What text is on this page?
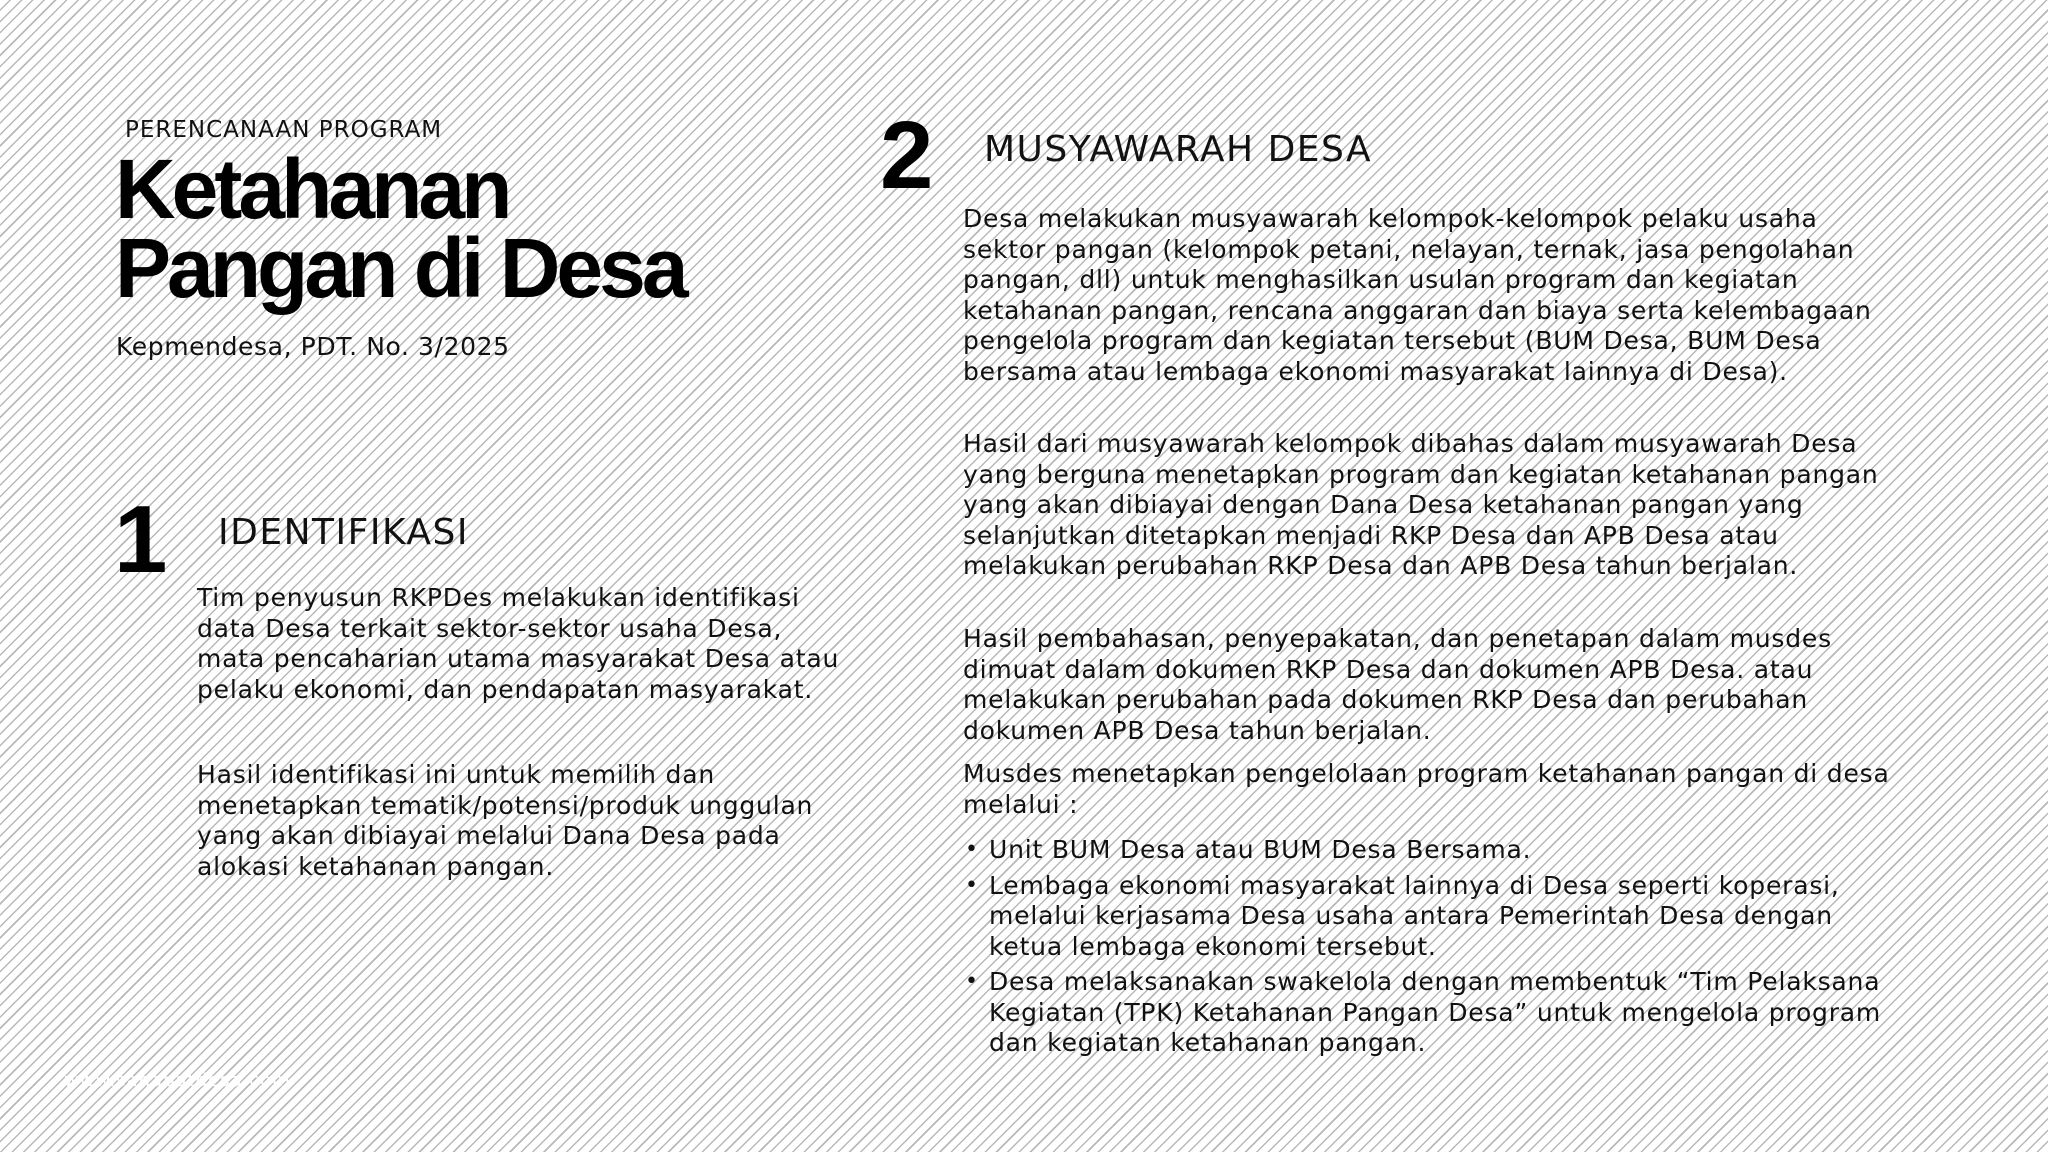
PERENCANAAN PROGRAM
Ketahanan
Pangan di Desa
Kepmendesa, PDT. No. 3/2025
1 IDENTIFIKASI
Tim penyusun RKPDes melakukan identifikasi data Desa terkait sektor-sektor usaha Desa, mata pencaharian utama masyarakat Desa atau pelaku ekonomi, dan pendapatan masyarakat.
Hasil identifikasi ini untuk memilih dan menetapkan tematik/potensi/produk unggulan yang akan dibiayai melalui Dana Desa pada alokasi ketahanan pangan.
2 MUSYAWARAH DESA
Desa melakukan musyawarah kelompok-kelompok pelaku usaha sektor pangan (kelompok petani, nelayan, ternak, jasa pengolahan pangan, dll) untuk menghasilkan usulan program dan kegiatan ketahanan pangan, rencana anggaran dan biaya serta kelembagaan pengelola program dan kegiatan tersebut (BUM Desa, BUM Desa bersama atau lembaga ekonomi masyarakat lainnya di Desa).
Hasil dari musyawarah kelompok dibahas dalam musyawarah Desa yang berguna menetapkan program dan kegiatan ketahanan pangan yang akan dibiayai dengan Dana Desa ketahanan pangan yang selanjutkan ditetapkan menjadi RKP Desa dan APB Desa atau melakukan perubahan RKP Desa dan APB Desa tahun berjalan.
Hasil pembahasan, penyepakatan, dan penetapan dalam musdes dimuat dalam dokumen RKP Desa dan dokumen APB Desa. atau melakukan perubahan pada dokumen RKP Desa dan perubahan dokumen APB Desa tahun berjalan.
Musdes menetapkan pengelolaan program ketahanan pangan di desa melalui :
• Unit BUM Desa atau BUM Desa Bersama.
• Lembaga ekonomi masyarakat lainnya di Desa seperti koperasi, melalui kerjasama Desa usaha antara Pemerintah Desa dengan ketua lembaga ekonomi tersebut.
• Desa melaksanakan swakelola dengan membentuk “Tim Pelaksana Kegiatan (TPK) Ketahanan Pangan Desa” untuk mengelola program dan kegiatan ketahanan pangan.
www.sahabatdesa.com
